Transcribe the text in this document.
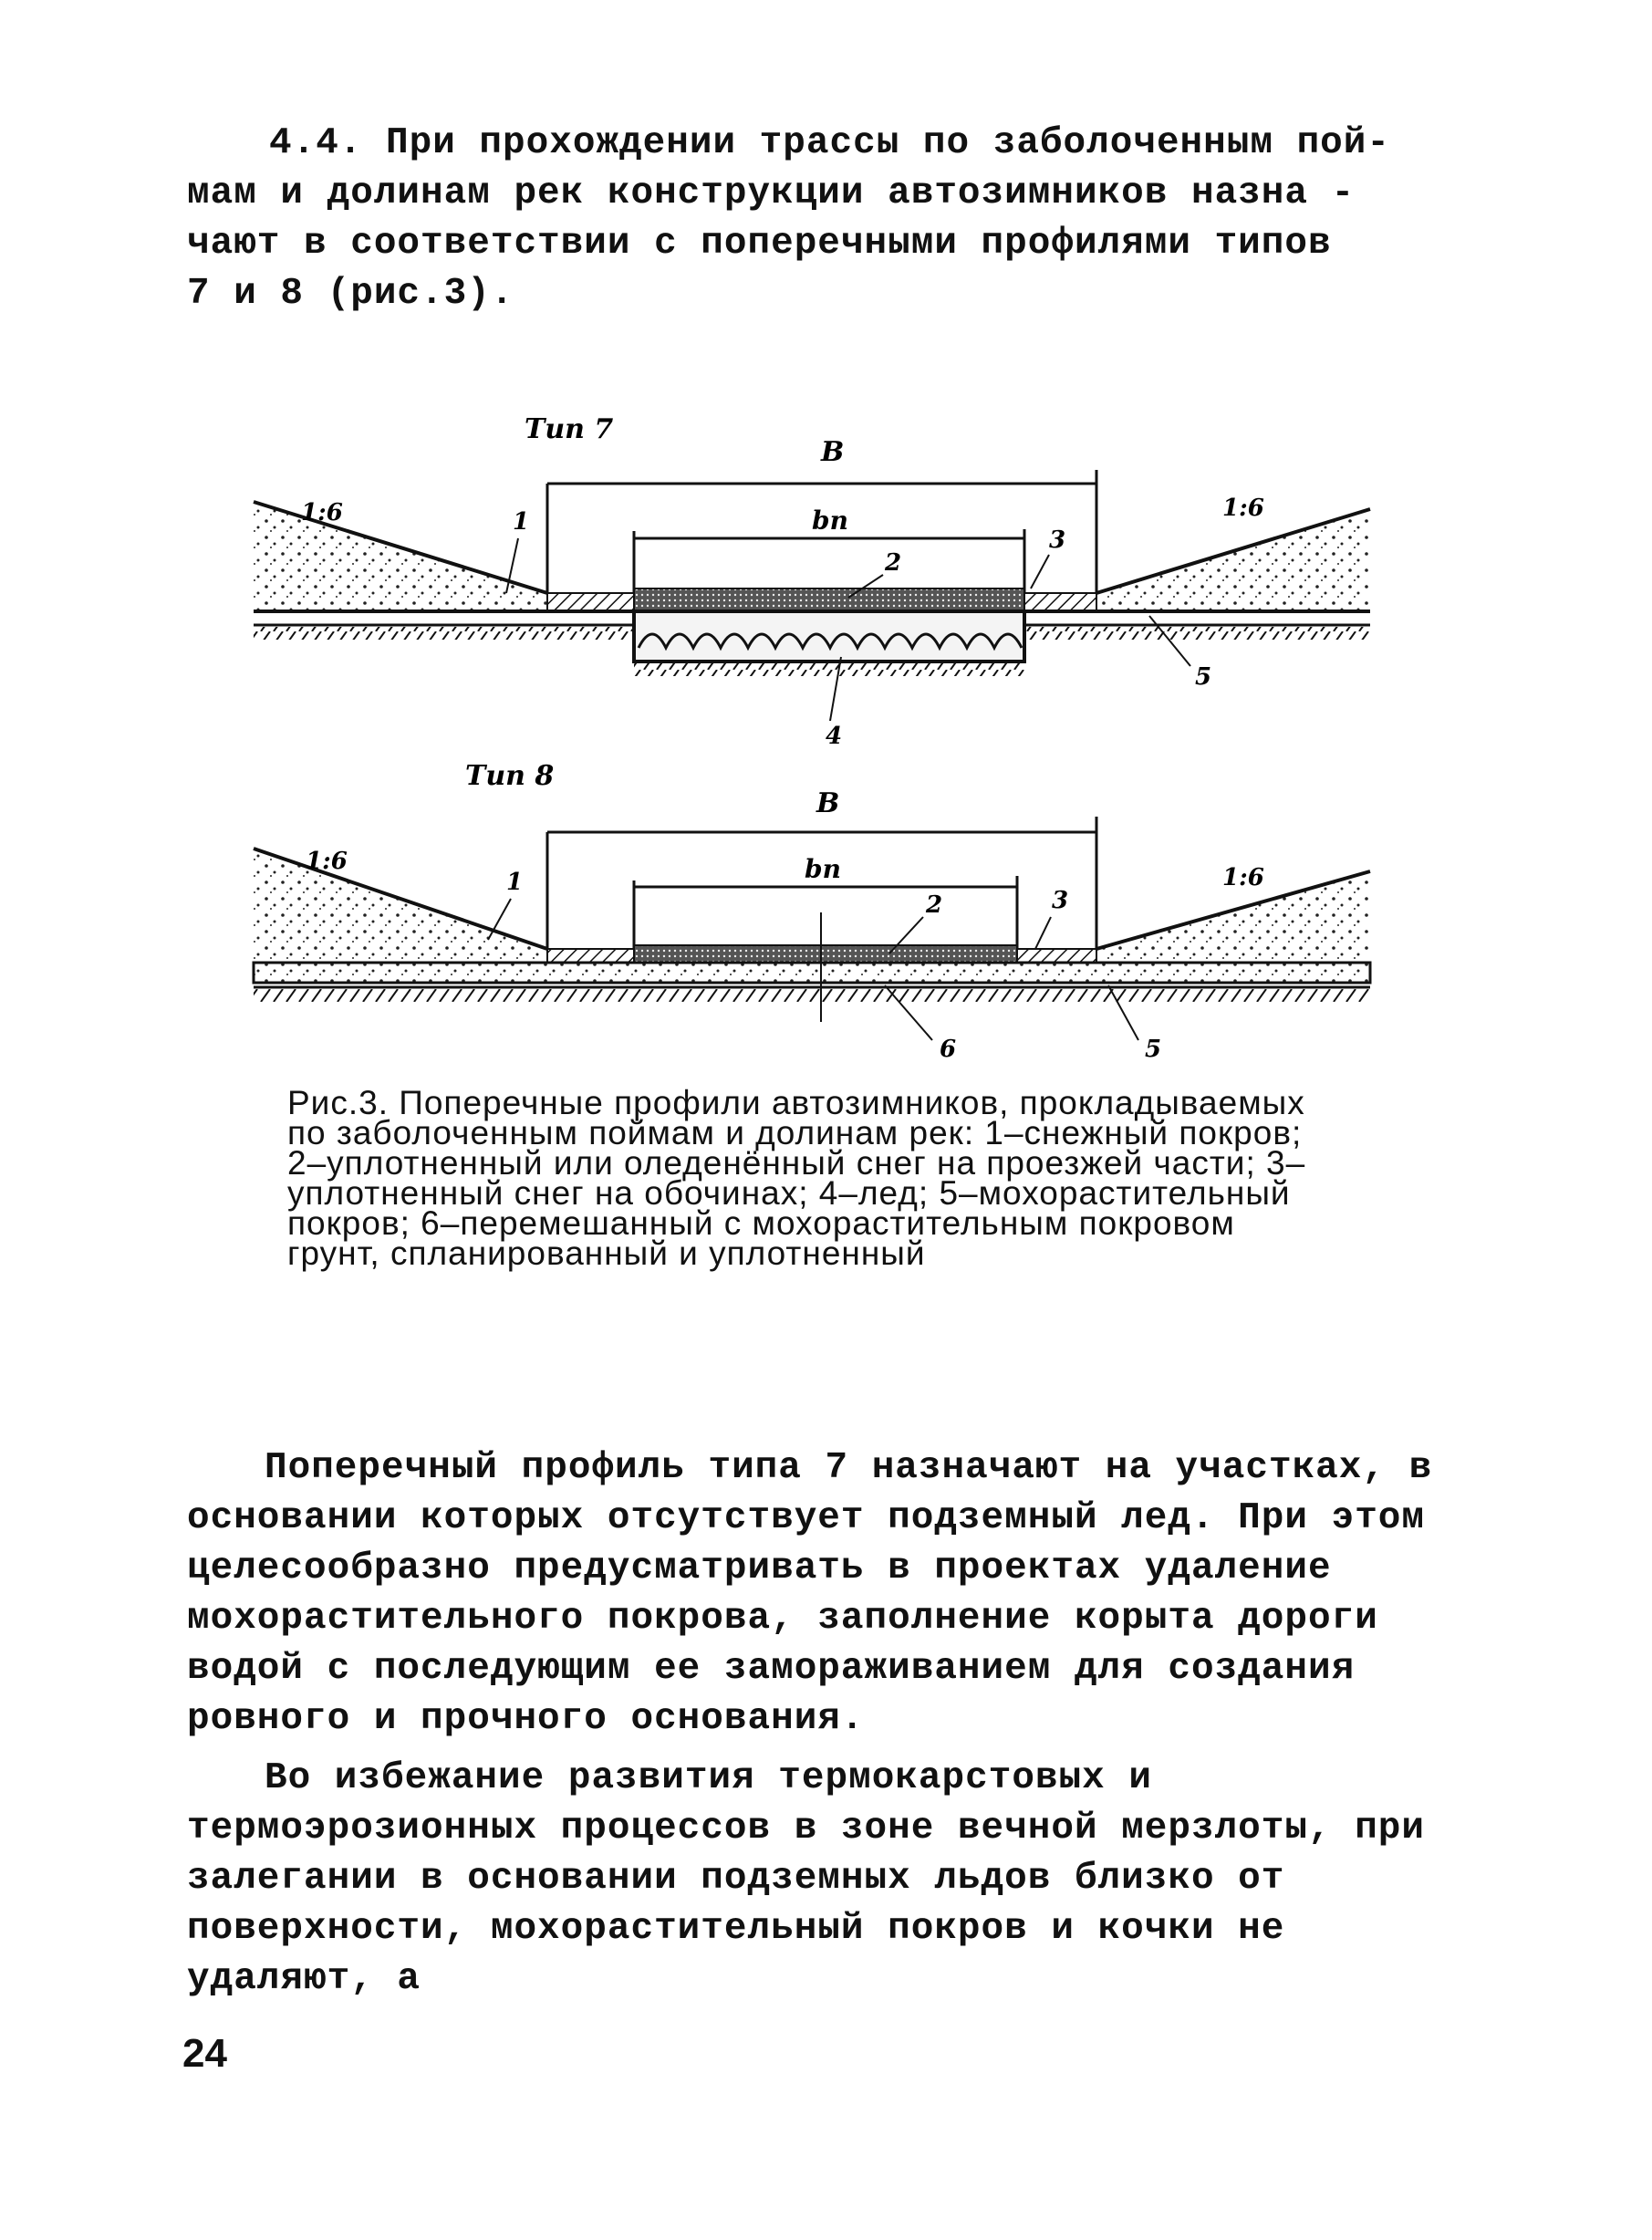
4.4. При прохождении трассы по заболоченным пой-

мам и долинам рек конструкции автозимников назна -

чают в соответствии с поперечными профилями типов

7 и 8 (рис.3).

Тип 7
B
bп
1:6	1:6
1
2
3
4
5
Тип 8
B
bп
1:6
1:6
1
2	3
6	5

Рис.3. Поперечные профили автозимников, прокладываемых по заболоченным поймам и долинам рек: 1–снежный покров; 2–уплотненный или оледенённый снег на проезжей части; 3–уплотненный снег на обочинах; 4–лед; 5–мохорастительный покров; 6–перемешанный с мохорастительным покровом грунт, спланированный и уплотненный

Поперечный профиль типа 7 назначают на участках, в основании которых отсутствует подземный лед. При этом целесообразно предусматривать в проектах удаление мохорастительного покрова, заполнение корыта дороги водой с последующим ее замораживанием для создания ровного и прочного основания.

Во избежание развития термокарстовых и термоэрозионных процессов в зоне вечной мерзлоты, при залегании в основании подземных льдов близко от поверхности, мохорастительный покров и кочки не удаляют, а

24
